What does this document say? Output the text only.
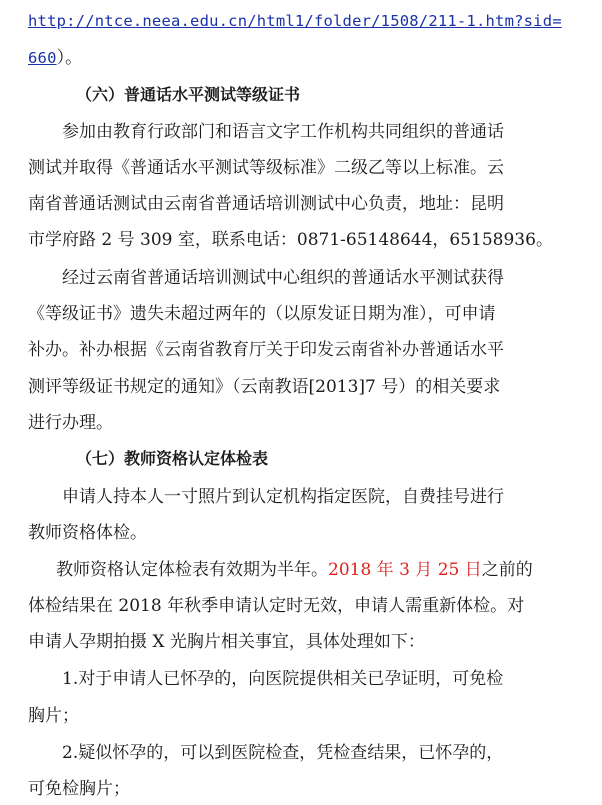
http://ntce.neea.edu.cn/html1/folder/1508/211-1.htm?sid=
660）。
（六）普通话水平测试等级证书
参加由教育行政部门和语言文字工作机构共同组织的普通话
测试并取得《普通话水平测试等级标准》二级乙等以上标准。云
南省普通话测试由云南省普通话培训测试中心负责，地址：昆明
市学府路 2 号 309 室，联系电话：0871-65148644，65158936。
经过云南省普通话培训测试中心组织的普通话水平测试获得
《等级证书》遗失未超过两年的（以原发证日期为准），可申请
补办。补办根据《云南省教育厅关于印发云南省补办普通话水平
测评等级证书规定的通知》（云南教语[2013]7 号）的相关要求
进行办理。
（七）教师资格认定体检表
申请人持本人一寸照片到认定机构指定医院，自费挂号进行
教师资格体检。
教师资格认定体检表有效期为半年。2018 年 3 月 25 日之前的
体检结果在 2018 年秋季申请认定时无效，申请人需重新体检。对
申请人孕期拍摄 X 光胸片相关事宜，具体处理如下：
1.对于申请人已怀孕的，向医院提供相关已孕证明，可免检
胸片；
2.疑似怀孕的，可以到医院检查，凭检查结果，已怀孕的，
可免检胸片；
